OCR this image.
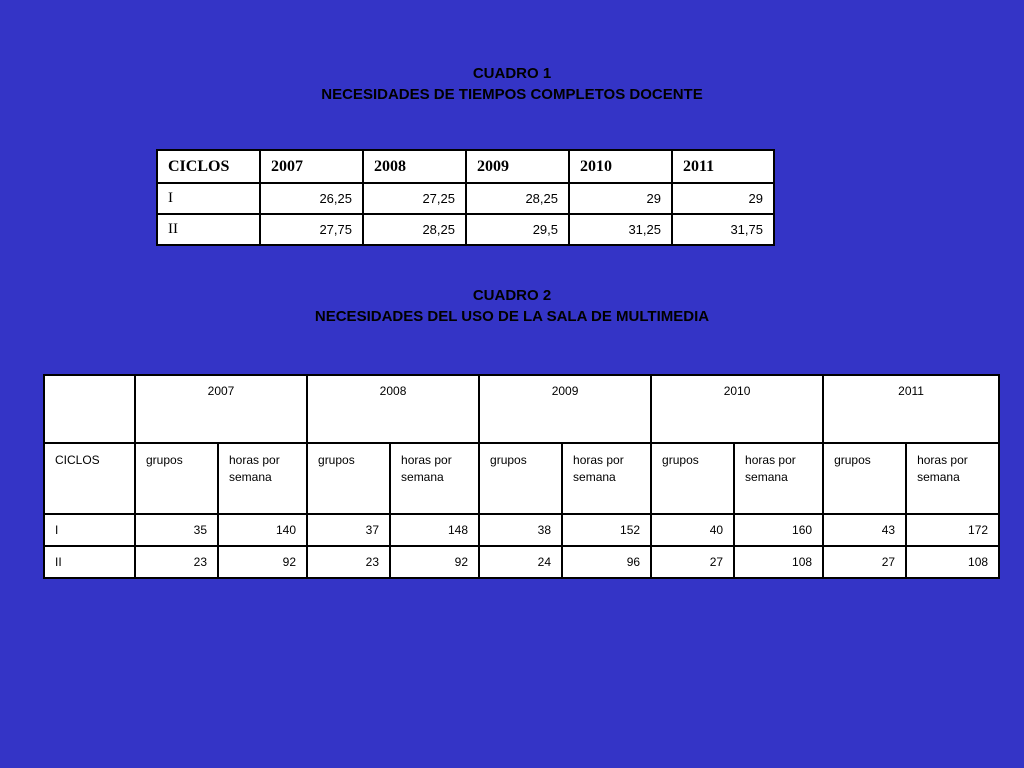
CUADRO 1
NECESIDADES DE TIEMPOS COMPLETOS DOCENTE
CICLOS	2007	2008	2009	2010	2011
I	26,25	27,25	28,25	29	29
II	27,75	28,25	29,5	31,25	31,75
CUADRO 2
NECESIDADES DEL USO DE LA SALA DE MULTIMEDIA
	2007		2008		2009		2010		2011	
CICLOS	grupos	horas por semana	grupos	horas por semana	grupos	horas por semana	grupos	horas por semana	grupos	horas por semana
I	35	140	37	148	38	152	40	160	43	172
II	23	92	23	92	24	96	27	108	27	108
